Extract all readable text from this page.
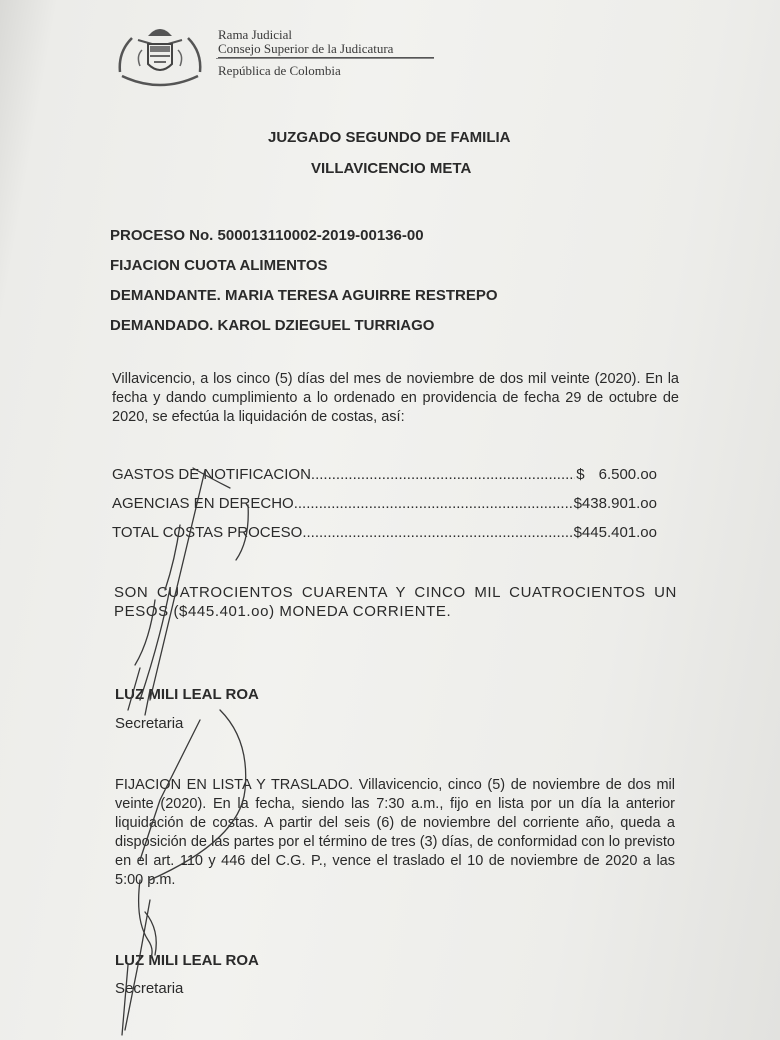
Rama Judicial
Consejo Superior de la Judicatura
República de Colombia
JUZGADO SEGUNDO DE FAMILIA
VILLAVICENCIO META
PROCESO No. 500013110002-2019-00136-00
FIJACION CUOTA ALIMENTOS
DEMANDANTE. MARIA TERESA AGUIRRE RESTREPO
DEMANDADO. KAROL DZIEGUEL TURRIAGO
Villavicencio, a los cinco (5) días del mes de noviembre de dos mil veinte (2020). En la fecha y dando cumplimiento a lo ordenado en providencia de fecha 29 de octubre de 2020, se efectúa la liquidación de costas, así:
GASTOS DE NOTIFICACION .....	$ 6.500.oo
AGENCIAS EN DERECHO .....	$ 438.901.oo
TOTAL COSTAS PROCESO .....	$ 445.401.oo
SON CUATROCIENTOS CUARENTA Y CINCO MIL CUATROCIENTOS UN PESOS ($445.401.oo) MONEDA CORRIENTE.
LUZ MILI LEAL ROA
Secretaria
FIJACION EN LISTA Y TRASLADO. Villavicencio, cinco (5) de noviembre de dos mil veinte (2020). En la fecha, siendo las 7:30 a.m., fijo en lista por un día la anterior liquidación de costas. A partir del seis (6) de noviembre del corriente año, queda a disposición de las partes por el término de tres (3) días, de conformidad con lo previsto en el art. 110 y 446 del C.G. P., vence el traslado el 10 de noviembre de 2020 a las 5:00 p.m.
LUZ MILI LEAL ROA
Secretaria
